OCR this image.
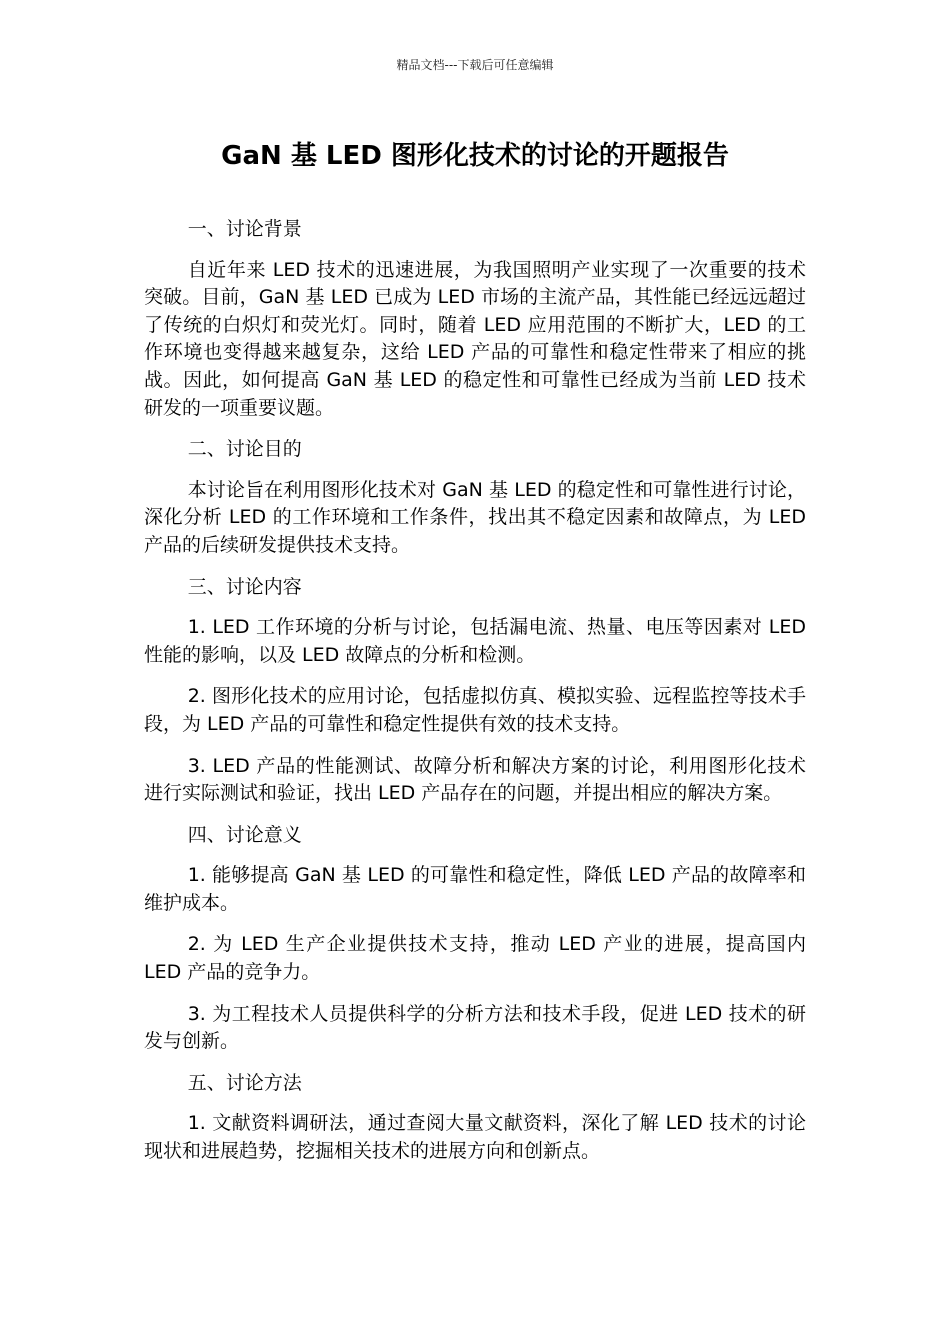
精品文档---下载后可任意编辑
GaN 基 LED 图形化技术的讨论的开题报告

一、讨论背景

自近年来 LED 技术的迅速进展，为我国照明产业实现了一次重要的技术突破。目前，GaN 基 LED 已成为 LED 市场的主流产品，其性能已经远远超过了传统的白炽灯和荧光灯。同时，随着 LED 应用范围的不断扩大，LED 的工作环境也变得越来越复杂，这给 LED 产品的可靠性和稳定性带来了相应的挑战。因此，如何提高 GaN 基 LED 的稳定性和可靠性已经成为当前 LED 技术研发的一项重要议题。

二、讨论目的

本讨论旨在利用图形化技术对 GaN 基 LED 的稳定性和可靠性进行讨论，深化分析 LED 的工作环境和工作条件，找出其不稳定因素和故障点，为 LED 产品的后续研发提供技术支持。

三、讨论内容

1. LED 工作环境的分析与讨论，包括漏电流、热量、电压等因素对 LED 性能的影响，以及 LED 故障点的分析和检测。

2. 图形化技术的应用讨论，包括虚拟仿真、模拟实验、远程监控等技术手段，为 LED 产品的可靠性和稳定性提供有效的技术支持。

3. LED 产品的性能测试、故障分析和解决方案的讨论，利用图形化技术进行实际测试和验证，找出 LED 产品存在的问题，并提出相应的解决方案。

四、讨论意义

1. 能够提高 GaN 基 LED 的可靠性和稳定性，降低 LED 产品的故障率和维护成本。

2. 为 LED 生产企业提供技术支持，推动 LED 产业的进展，提高国内 LED 产品的竞争力。

3. 为工程技术人员提供科学的分析方法和技术手段，促进 LED 技术的研发与创新。

五、讨论方法

1. 文献资料调研法，通过查阅大量文献资料，深化了解 LED 技术的讨论现状和进展趋势，挖掘相关技术的进展方向和创新点。
